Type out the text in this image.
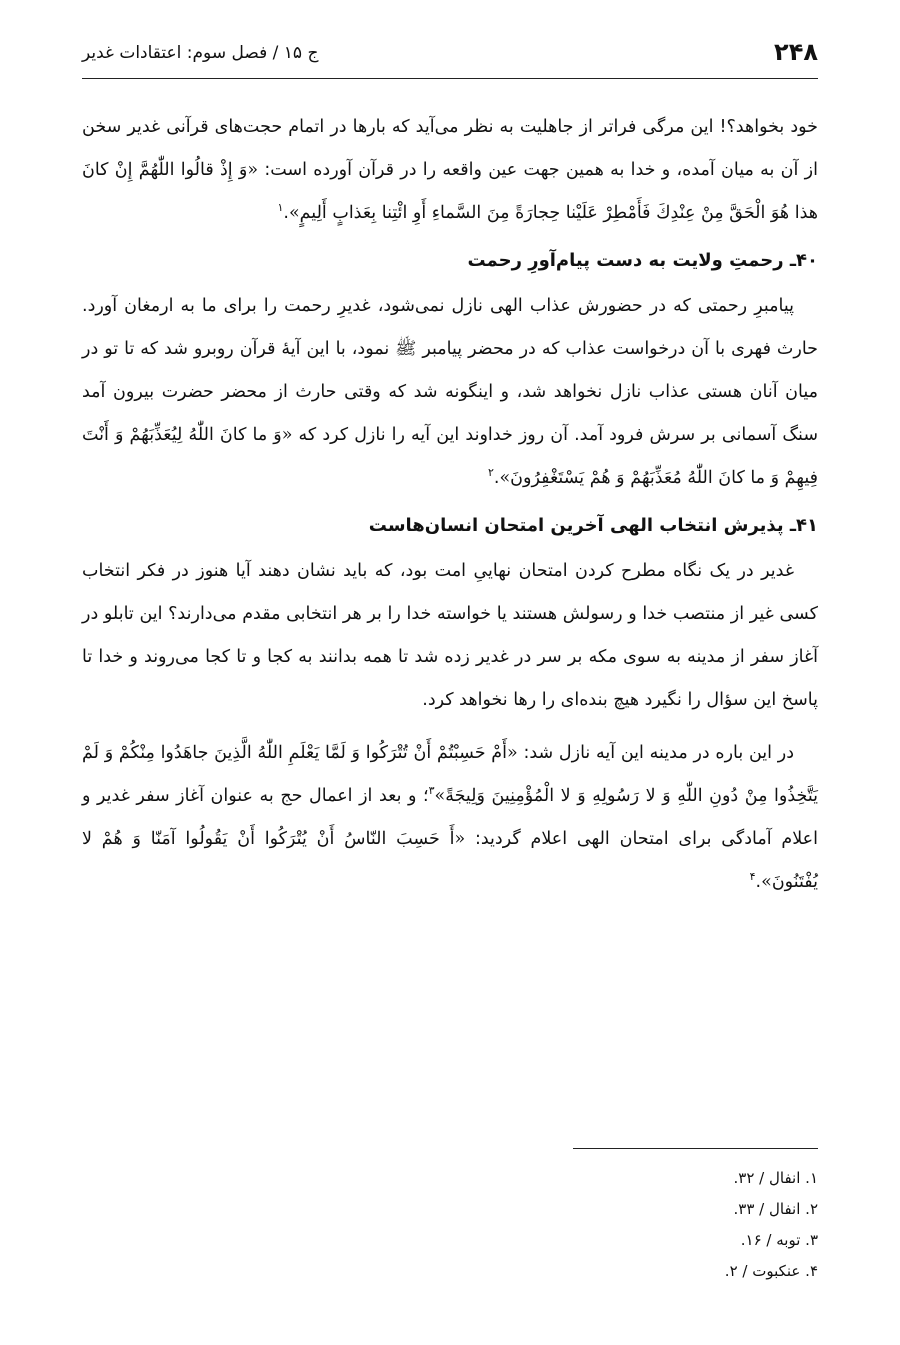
۲۴۸
ج ۱۵ / فصل سوم: اعتقادات غدیر

خود بخواهد؟! این مرگی فراتر از جاهلیت به نظر می‌آید که بارها در اتمام حجت‌های قرآنی غدیر سخن از آن به میان آمده، و خدا به همین جهت عین واقعه را در قرآن آورده است: «وَ إِذْ قالُوا اللّٰهُمَّ إِنْ كانَ هذا هُوَ الْحَقَّ مِنْ عِنْدِكَ فَأَمْطِرْ عَلَيْنا حِجارَةً مِنَ السَّماءِ أَوِ ائْتِنا بِعَذابٍ أَلِيمٍ».$^۱$

۴۰ـ رحمتِ ولایت به دست پیام‌آورِ رحمت

پیامبرِ رحمتی که در حضورش عذاب الهی نازل نمی‌شود، غدیرِ رحمت را برای ما به ارمغان آورد. حارث فهری با آن درخواست عذاب که در محضر پیامبر ﷺ نمود، با این آیهٔ قرآن روبرو شد که تا تو در میان آنان هستی عذاب نازل نخواهد شد، و اینگونه شد که وقتی حارث از محضر حضرت بیرون آمد سنگ آسمانی بر سرش فرود آمد. آن روز خداوند این آیه را نازل کرد که «وَ ما كانَ اللّٰهُ لِيُعَذِّبَهُمْ وَ أَنْتَ فِيهِمْ وَ ما كانَ اللّٰهُ مُعَذِّبَهُمْ وَ هُمْ يَسْتَغْفِرُونَ».$^۲$

۴۱ـ پذیرش انتخاب الهی آخرین امتحان انسان‌هاست

غدیر در یک نگاه مطرح کردن امتحان نهاییِ امت بود، که باید نشان دهند آیا هنوز در فکر انتخاب کسی غیر از منتصب خدا و رسولش هستند یا خواسته خدا را بر هر انتخابی مقدم می‌دارند؟ این تابلو در آغاز سفر از مدینه به سوی مکه بر سر در غدیر زده شد تا همه بدانند به کجا و تا کجا می‌روند و خدا تا پاسخ این سؤال را نگیرد هیچ بنده‌ای را رها نخواهد کرد.

در این باره در مدینه این آیه نازل شد: «أَمْ حَسِبْتُمْ أَنْ تُتْرَكُوا وَ لَمَّا يَعْلَمِ اللّٰهُ الَّذِينَ جاهَدُوا مِنْكُمْ وَ لَمْ يَتَّخِذُوا مِنْ دُونِ اللّٰهِ وَ لا رَسُولِهِ وَ لا الْمُؤْمِنِينَ وَلِيجَةً»$^۳$؛ و بعد از اعمال حج به عنوان آغاز سفر غدیر و اعلام آمادگی برای امتحان الهی اعلام گردید: «أَ حَسِبَ النّاسُ أَنْ يُتْرَكُوا أَنْ يَقُولُوا آمَنّا وَ هُمْ لا يُفْتَنُونَ».$^۴$

۱. انفال / ۳۲.
۲. انفال / ۳۳.
۳. توبه / ۱۶.
۴. عنکبوت / ۲.
